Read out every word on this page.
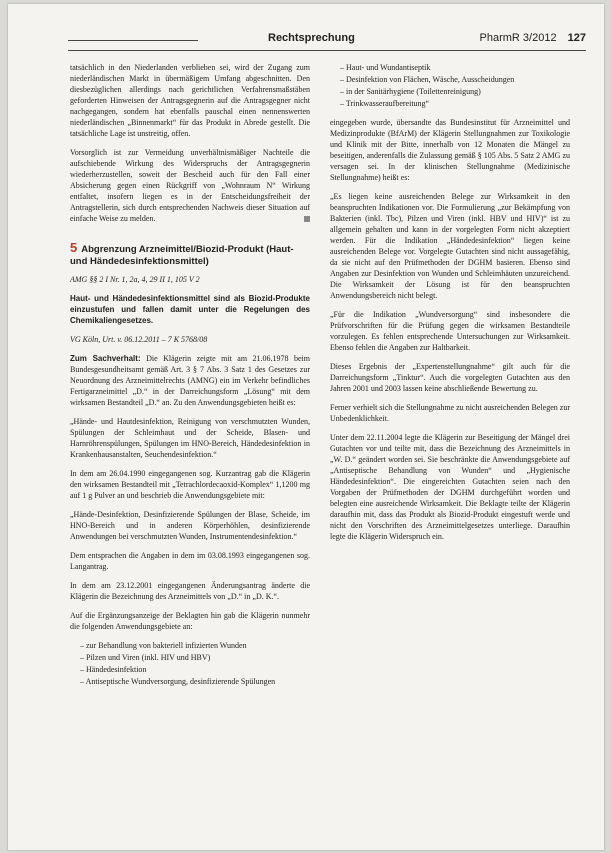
Rechtsprechung	PharmR 3/2012 127

tatsächlich in den Niederlanden verblieben sei, wird der Zugang zum niederländischen Markt in übermäßigem Umfang abgeschnitten. Den diesbezüglichen allerdings nach gerichtlichen Verfahrensmaßstäben geforderten Hinweisen der Antragsgegnerin auf die Antragsgegner nicht nachgegangen, sondern hat ebenfalls pauschal einen nennenswerten niederländischen „Binnenmarkt“ für das Produkt in Abrede gestellt. Die tatsächliche Lage ist unstreitig, offen.

Vorsorglich ist zur Vermeidung unverhältnismäßiger Nachteile die aufschiebende Wirkung des Widerspruchs der Antragsgegnerin wiederherzustellen, soweit der Bescheid auch für den Fall einer Absicherung gegen einen Rückgriff von „Wohnraum N“ Wirkung entfaltet, insofern liegen es in der Entscheidungsfreiheit der Antragstellerin, sich durch entsprechenden Nachweis dieser Situation auf einfache Weise zu melden.

5 Abgrenzung Arzneimittel/Biozid-Produkt (Haut- und Händedesinfektionsmittel)

AMG §§ 2 I Nr. 1, 2a, 4, 29 II 1, 105 V 2

Haut- und Händedesinfektionsmittel sind als Biozid-Produkte einzustufen und fallen damit unter die Regelungen des Chemikaliengesetzes.

VG Köln, Urt. v. 06.12.2011 – 7 K 5768/08

Zum Sachverhalt: Die Klägerin zeigte mit am 21.06.1978 beim Bundesgesundheitsamt gemäß Art. 3 § 7 Abs. 3 Satz 1 des Gesetzes zur Neuordnung des Arzneimittelrechts (AMNG) ein im Verkehr befindliches Fertigarzneimittel „D.“ in der Darreichungsform „Lösung“ mit dem wirksamen Bestandteil „D.“ an. Zu den Anwendungsgebieten heißt es:

„Hände- und Hautdesinfektion, Reinigung von verschmutzten Wunden, Spülungen der Schleimhaut und der Scheide, Blasen- und Harnröhrenspülungen, Spülungen im HNO-Bereich, Händedesinfektion in Krankenhausanstalten, Seuchendesinfektion.“

In dem am 26.04.1990 eingegangenen sog. Kurzantrag gab die Klägerin den wirksamen Bestandteil mit „Tetrachlordecaoxid-Komplex“ 1,1200 mg auf 1 g Pulver an und beschrieb die Anwendungsgebiete mit:

„Hände-Desinfektion, Desinfizierende Spülungen der Blase, Scheide, im HNO-Bereich und in anderen Körperhöhlen, desinfizierende Anwendungen bei verschmutzten Wunden, Instrumentendesinfektion.“

Dem entsprachen die Angaben in dem im 03.08.1993 eingegangenen sog. Langantrag.

In dem am 23.12.2001 eingegangenen Änderungsantrag änderte die Klägerin die Bezeichnung des Arzneimittels von „D.“ in „D. K.“.

Auf die Ergänzungsanzeige der Beklagten hin gab die Klägerin nunmehr die folgenden Anwendungsgebiete an:

– zur Behandlung von bakteriell infizierten Wunden
– Pilzen und Viren (inkl. HIV und HBV)
– Händedesinfektion
– Antiseptische Wundversorgung, desinfizierende Spülungen
– Haut- und Wundantiseptik
– Desinfektion von Flächen, Wäsche, Ausscheidungen
– in der Sanitärhygiene (Toilettenreinigung)
– Trinkwasseraufbereitung“

eingegeben wurde, übersandte das Bundesinstitut für Arzneimittel und Medizinprodukte (BfArM) der Klägerin Stellungnahmen zur Toxikologie und Klinik mit der Bitte, innerhalb von 12 Monaten die Mängel zu beseitigen, anderenfalls die Zulassung gemäß § 105 Abs. 5 Satz 2 AMG zu versagen sei. In der klinischen Stellungnahme (Medizinische Stellungnahme) heißt es:

„Es liegen keine ausreichenden Belege zur Wirksamkeit in den beanspruchten Indikationen vor. Die Formulierung „zur Bekämpfung von Bakterien (inkl. Tbc), Pilzen und Viren (inkl. HBV und HIV)“ ist zu allgemein gehalten und kann in der vorgelegten Form nicht akzeptiert werden. Für die Indikation „Händedesinfektion“ liegen keine ausreichenden Belege vor. Vorgelegte Gutachten sind nicht aussagefähig, da sie nicht auf den Prüfmethoden der DGHM basieren. Ebenso sind Angaben zur Desinfektion von Wunden und Schleimhäuten unzureichend. Die Wirksamkeit der Lösung ist für den beanspruchten Anwendungsbereich nicht belegt.

„Für die Indikation „Wundversorgung“ sind insbesondere die Prüfvorschriften für die Prüfung gegen die wirksamen Bestandteile vorzulegen. Es fehlen entsprechende Untersuchungen zur Wirksamkeit. Ebenso fehlen die Angaben zur Haltbarkeit.

Dieses Ergebnis der „Expertenstellungnahme“ gilt auch für die Darreichungsform „Tinktur“. Auch die vorgelegten Gutachten aus den Jahren 2001 und 2003 lassen keine abschließende Bewertung zu.

Ferner verhielt sich die Stellungnahme zu nicht ausreichenden Belegen zur Unbedenklichkeit.

Unter dem 22.11.2004 legte die Klägerin zur Beseitigung der Mängel drei Gutachten vor und teilte mit, dass die Bezeichnung des Arzneimittels in „W. D.“ geändert worden sei. Sie beschränkte die Anwendungsgebiete auf „Antiseptische Behandlung von Wunden“ und „Hygienische Händedesinfektion“. Die eingereichten Gutachten seien nach den Vorgaben der Prüfmethoden der DGHM durchgeführt worden und belegten eine ausreichende Wirksamkeit. Die Beklagte teilte der Klägerin daraufhin mit, dass das Produkt als Biozid-Produkt eingestuft werde und nicht den Vorschriften des Arzneimittelgesetzes unterliege. Daraufhin legte die Klägerin Widerspruch ein.
